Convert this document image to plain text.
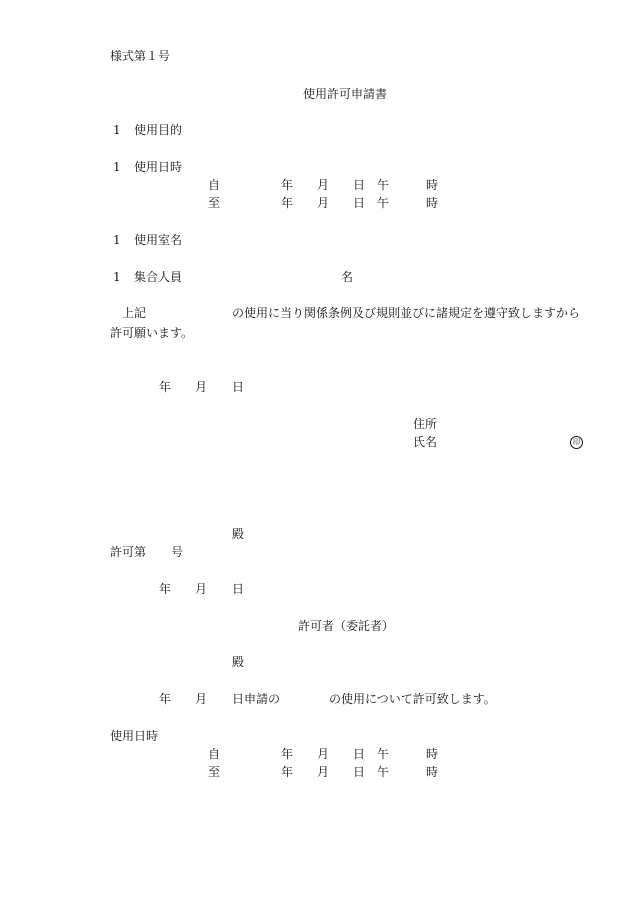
様式第１号
使用許可申請書
1 使用目的
1 使用日時
自	年 月 日 午	時
至	年 月 日 午	時
1 使用室名
1 集合人員	名
上記	の使用に当り関係条例及び規則並びに諸規定を遵守致しますから
許可願います。
年 月 日
住所
氏名	印
殿
許可第 号
年 月 日
許可者（委託者）
殿
年 月 日申請の	の使用について許可致します。
使用日時
自	年 月 日 午	時
至	年 月 日 午	時
